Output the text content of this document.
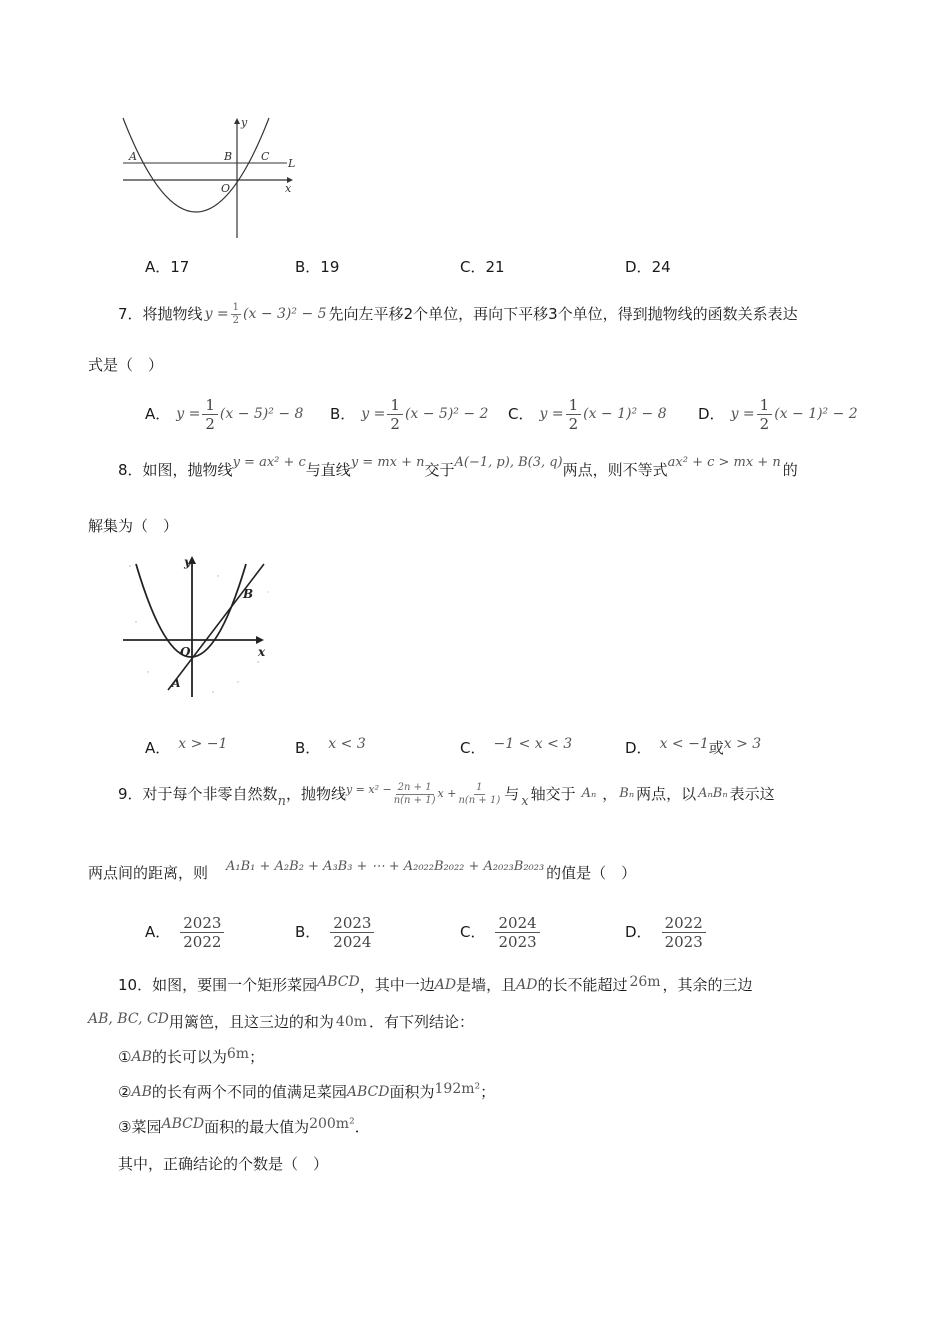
y
x
A	B	C
O
L
A．17	B．19	C．21	D．24
7． 将抛物线 $y = \frac{1}{2} (x - 3)^2 - 5$ 先向左平移 2 个单位，再向下平移 3 个单位，得到抛物线的函数关系表达
式是（　）
A． $y = \frac{1}{2} (x - 5)^2 - 8$ B． $y = \frac{1}{2} (x - 5)^2 - 2$ C． $y = \frac{1}{2} (x - 1)^2 - 8$ D． $y = \frac{1}{2} (x - 1)^2 - 2$
8． 如图，抛物线 y = ax² + c 与直线 y = mx + n 交于 A(−1, p), B(3, q) 两点，则不等式 ax² + c > mx + n 的
解集为（　）
y
x
O
A
B
A． x > −1	B． x < 3	C． −1 < x < 3	D． x < −1 或 x > 3
9． 对于每个非零自然数 n ，抛物线 $y = x^2 - \frac{2n + 1}{n(n + 1)}$ $x + \frac{1}{n(n + 1)}$ 与 x 轴交于 Aₙ ， Bₙ 两点，以 AₙBₙ 表示这
两点间的距离，则 A₁B₁ + A₂B₂ + A₃B₃ + ⋯ + A₂₀₂₂B₂₀₂₂ + A₂₀₂₃B₂₀₂₃ 的值是（　）
A． $\frac{2023}{2022}$	B． $\frac{2023}{2024}$	C． $\frac{2024}{2023}$	D． $\frac{2022}{2023}$
10． 如图，要围一个矩形菜园 ABCD ，其中一边 AD 是墙，且 AD 的长不能超过 26m ，其余的三边
AB, BC, CD 用篱笆，且这三边的和为 40m ．有下列结论：
① AB 的长可以为 6m ；
② AB 的长有两个不同的值满足菜园 ABCD 面积为 192m² ；
③菜园 ABCD 面积的最大值为 200m² ．
其中，正确结论的个数是（　）
